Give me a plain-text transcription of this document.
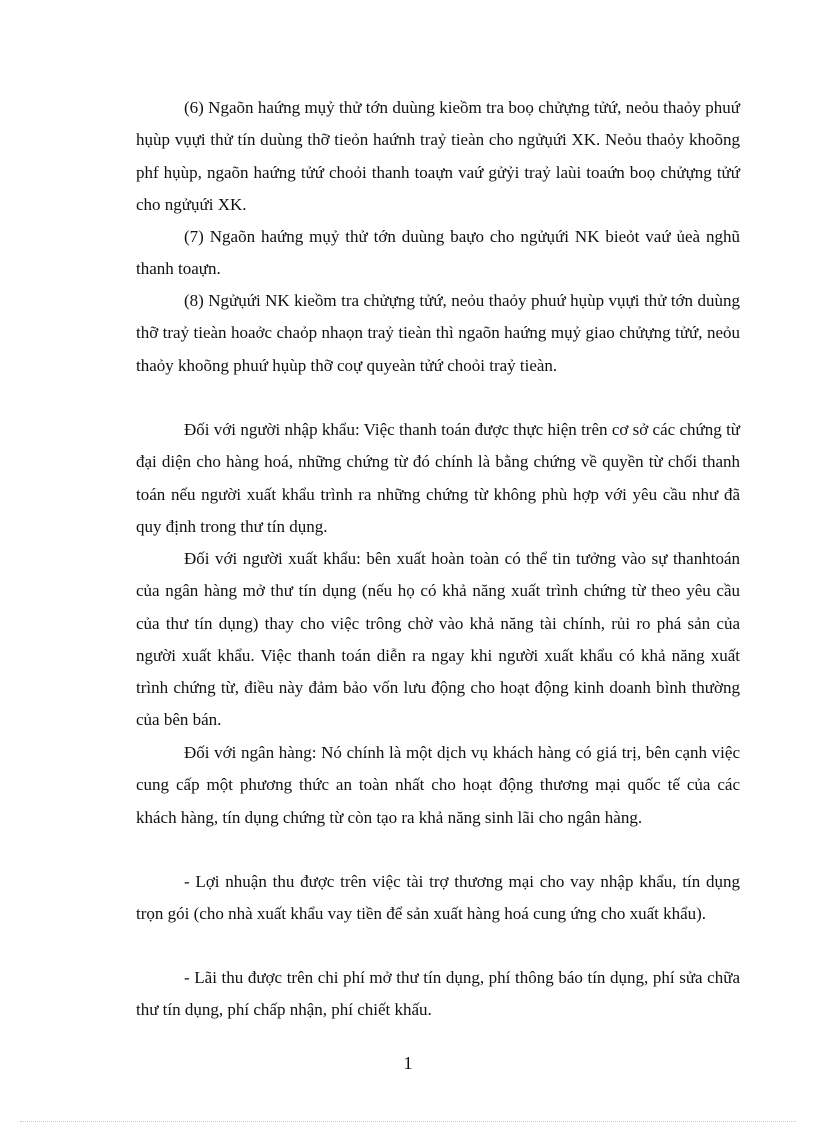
(6) Ngaõn haứng mụỷ thử tớn duùng kieồm tra boọ chửựng tửứ, neỏu thaỏy phuứ hụùp vụựi thử tín duùng thỡ tieỏn haứnh traỷ tieàn cho ngửụứi XK. Neỏu thaỏy khoõng phf hụùp, ngaõn haứng tửứ choỏi thanh toaựn vaứ gửỷi traỷ laùi toaứn boọ chửựng tửứ cho ngửụứi XK.

(7) Ngaõn haứng mụỷ thử tớn duùng baựo cho ngửụứi NK bieỏt vaứ ủeà nghũ thanh toaựn.

(8) Ngửụứi NK kieồm tra chửựng tửứ, neỏu thaỏy phuứ hụùp vụựi thử tớn duùng thỡ traỷ tieàn hoaởc chaỏp nhaọn traỷ tieàn thì ngaõn haứng mụỷ giao chửựng tửứ, neỏu thaỏy khoõng phuứ hụùp thỡ coự quyeàn tửứ choỏi traỷ tieàn.

Đối với người nhập khẩu: Việc thanh toán được thực hiện trên cơ sở các chứng từ đại diện cho hàng hoá, những chứng từ đó chính là bằng chứng về quyền từ chối thanh toán nếu người xuất khẩu trình ra những chứng từ không phù hợp với yêu cầu như đã quy định trong thư tín dụng.

Đối với người xuất khẩu: bên xuất hoàn toàn có thể tin tưởng vào sự thanhtoán của ngân hàng mở thư tín dụng (nếu họ có khả năng xuất trình chứng từ theo yêu cầu của thư tín dụng) thay cho việc trông chờ vào khả năng tài chính, rủi ro phá sản của người xuất khẩu. Việc thanh toán diễn ra ngay khi người xuất khẩu có khả năng xuất trình chứng từ, điều này đảm bảo vốn lưu động cho hoạt động kinh doanh bình thường của bên bán.

Đối với ngân hàng: Nó chính là một dịch vụ khách hàng có giá trị, bên cạnh việc cung cấp một phương thức an toàn nhất cho hoạt động thương mại quốc tế của các khách hàng, tín dụng chứng từ còn tạo ra khả năng sinh lãi cho ngân hàng.

- Lợi nhuận thu được trên việc tài trợ thương mại cho vay nhập khẩu, tín dụng trọn gói (cho nhà xuất khẩu vay tiền để sản xuất hàng hoá cung ứng cho xuất khẩu).

- Lãi thu được trên chi phí mở thư tín dụng, phí thông báo tín dụng, phí sửa chữa thư tín dụng, phí chấp nhận, phí chiết khấu.

1
